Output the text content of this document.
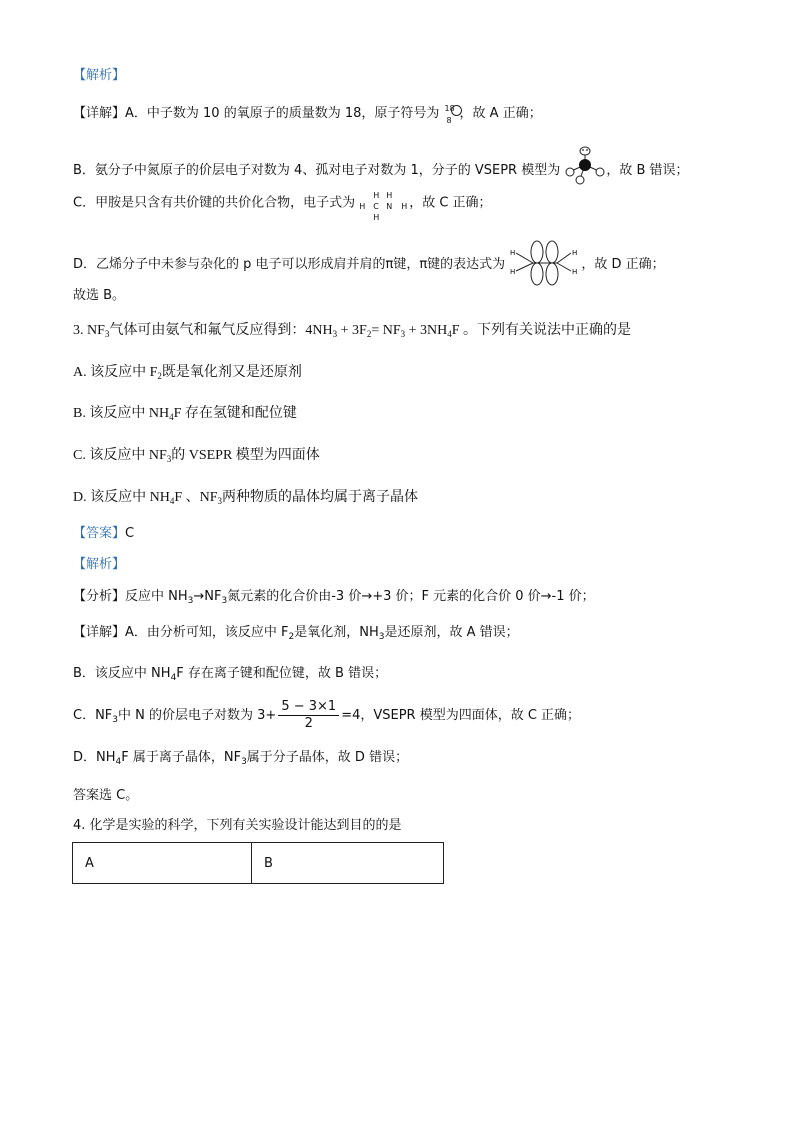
【解析】
【详解】A．中子数为 10 的氧原子的质量数为 18，原子符号为 18
8 ，故 A 正确；
B．氨分子中氮原子的价层电子对数为 4、孤对电子对数为 1，分子的 VSEPR 模型为	，故 B 错误；
C．甲胺是只含有共价键的共价化合物，电子式为 H
H
C
H
H
N H ，故 C 正确；
D．乙烯分子中未参与杂化的 p 电子可以形成肩并肩的π键，π键的表达式为
H
H
H
H ，故 D 正确；
故选 B。
3. $NF_3$气体可由氨气和氟气反应得到：$4NH_3 + 3F_2= NF_3 + 3NH_4F$ 。下列有关说法中正确的是
A. 该反应中 $F_2$既是氧化剂又是还原剂
B. 该反应中 $NH_4F$ 存在氢键和配位键
C. 该反应中 $NF_3$的 VSEPR 模型为四面体
D. 该反应中 $NH_4F$ 、$NF_3$两种物质的晶体均属于离子晶体
【答案】C
【解析】
【分析】反应中 $NH_3\to NF_3$氮元素的化合价由-3 价→+3 价；F 元素的化合价 0 价→-1 价；
【详解】A．由分析可知，该反应中 $F_2$是氧化剂，$NH_3$是还原剂，故 A 错误；
B．该反应中 $NH_4F$ 存在离子键和配位键，故 B 错误；
C．$NF_3$中 N 的价层电子对数为 $3+ \frac{5 - 3\times 1}{2} =4$，VSEPR 模型为四面体，故 C 正确；
D．$NH_4F$ 属于离子晶体，$NF_3$属于分子晶体，故 D 错误；
答案选 C。
4. 化学是实验的科学，下列有关实验设计能达到目的的是
A	B
